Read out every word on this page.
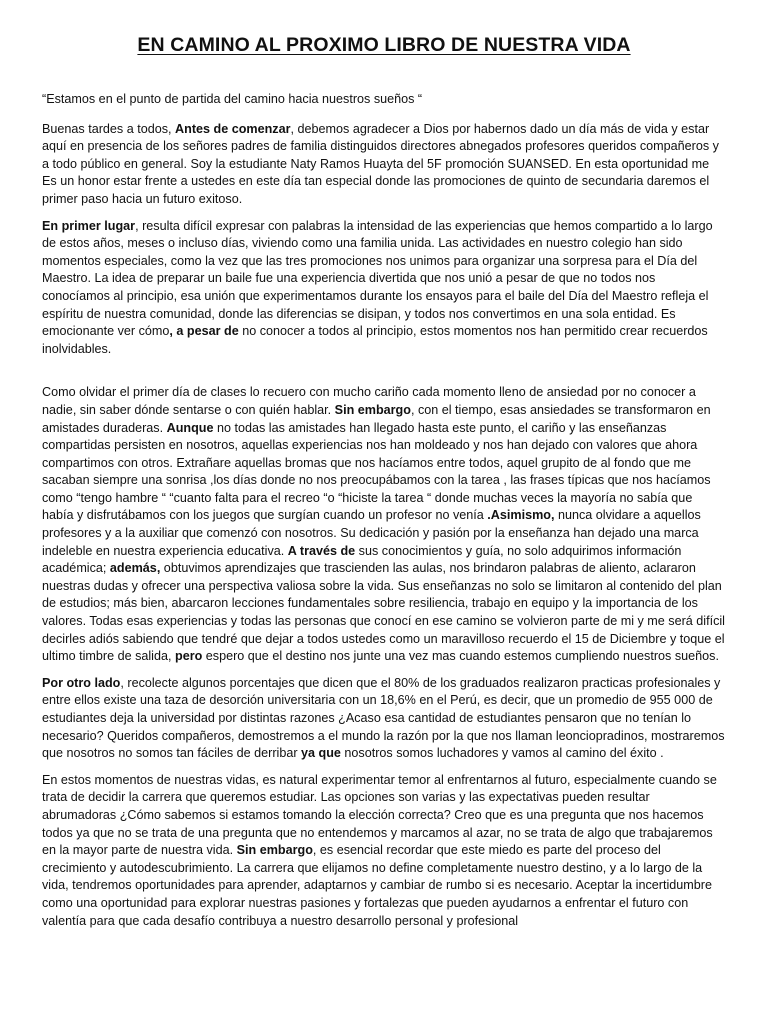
EN CAMINO AL PROXIMO LIBRO DE NUESTRA VIDA

“Estamos en el punto de partida del camino hacia nuestros sueños “

Buenas tardes a todos, Antes de comenzar, debemos agradecer a Dios por habernos dado un día más de vida y estar aquí en presencia de los señores padres de familia distinguidos directores abnegados profesores queridos compañeros y a todo público en general. Soy la estudiante Naty Ramos Huayta del 5F promoción SUANSED. En esta oportunidad me Es un honor estar frente a ustedes en este día tan especial donde las promociones de quinto de secundaria daremos el primer paso hacia un futuro exitoso.

En primer lugar, resulta difícil expresar con palabras la intensidad de las experiencias que hemos compartido a lo largo de estos años, meses o incluso días, viviendo como una familia unida. Las actividades en nuestro colegio han sido momentos especiales, como la vez que las tres promociones nos unimos para organizar una sorpresa para el Día del Maestro. La idea de preparar un baile fue una experiencia divertida que nos unió a pesar de que no todos nos conocíamos al principio, esa unión que experimentamos durante los ensayos para el baile del Día del Maestro refleja el espíritu de nuestra comunidad, donde las diferencias se disipan, y todos nos convertimos en una sola entidad. Es emocionante ver cómo, a pesar de no conocer a todos al principio, estos momentos nos han permitido crear recuerdos inolvidables.

Como olvidar el primer día de clases lo recuero con mucho cariño cada momento lleno de ansiedad por no conocer a nadie, sin saber dónde sentarse o con quién hablar. Sin embargo, con el tiempo, esas ansiedades se transformaron en amistades duraderas. Aunque no todas las amistades han llegado hasta este punto, el cariño y las enseñanzas compartidas persisten en nosotros, aquellas experiencias nos han moldeado y nos han dejado con valores que ahora compartimos con otros. Extrañare aquellas bromas que nos hacíamos entre todos, aquel grupito de al fondo que me sacaban siempre una sonrisa ,los días donde no nos preocupábamos con la tarea , las frases típicas que nos hacíamos como “tengo hambre “ “cuanto falta para el recreo “o “hiciste la tarea “ donde muchas veces la mayoría no sabía que había y disfrutábamos con los juegos que surgían cuando un profesor no venía .Asimismo, nunca olvidare a aquellos profesores y a la auxiliar que comenzó con nosotros. Su dedicación y pasión por la enseñanza han dejado una marca indeleble en nuestra experiencia educativa. A través de sus conocimientos y guía, no solo adquirimos información académica; además, obtuvimos aprendizajes que trascienden las aulas, nos brindaron palabras de aliento, aclararon nuestras dudas y ofrecer una perspectiva valiosa sobre la vida. Sus enseñanzas no solo se limitaron al contenido del plan de estudios; más bien, abarcaron lecciones fundamentales sobre resiliencia, trabajo en equipo y la importancia de los valores. Todas esas experiencias y todas las personas que conocí en ese camino se volvieron parte de mi y me será difícil decirles adiós sabiendo que tendré que dejar a todos ustedes como un maravilloso recuerdo el 15 de Diciembre y toque el ultimo timbre de salida, pero espero que el destino nos junte una vez mas cuando estemos cumpliendo nuestros sueños.

Por otro lado, recolecte algunos porcentajes que dicen que el 80% de los graduados realizaron practicas profesionales y entre ellos existe una taza de desorción universitaria con un 18,6% en el Perú, es decir, que un promedio de 955 000 de estudiantes deja la universidad por distintas razones ¿Acaso esa cantidad de estudiantes pensaron que no tenían lo necesario? Queridos compañeros, demostremos a el mundo la razón por la que nos llaman leonciopradinos, mostraremos que nosotros no somos tan fáciles de derribar ya que nosotros somos luchadores y vamos al camino del éxito .

En estos momentos de nuestras vidas, es natural experimentar temor al enfrentarnos al futuro, especialmente cuando se trata de decidir la carrera que queremos estudiar. Las opciones son varias y las expectativas pueden resultar abrumadoras ¿Cómo sabemos si estamos tomando la elección correcta? Creo que es una pregunta que nos hacemos todos ya que no se trata de una pregunta que no entendemos y marcamos al azar, no se trata de algo que trabajaremos en la mayor parte de nuestra vida. Sin embargo, es esencial recordar que este miedo es parte del proceso del crecimiento y autodescubrimiento. La carrera que elijamos no define completamente nuestro destino, y a lo largo de la vida, tendremos oportunidades para aprender, adaptarnos y cambiar de rumbo si es necesario. Aceptar la incertidumbre como una oportunidad para explorar nuestras pasiones y fortalezas que pueden ayudarnos a enfrentar el futuro con valentía para que cada desafío contribuya a nuestro desarrollo personal y profesional
